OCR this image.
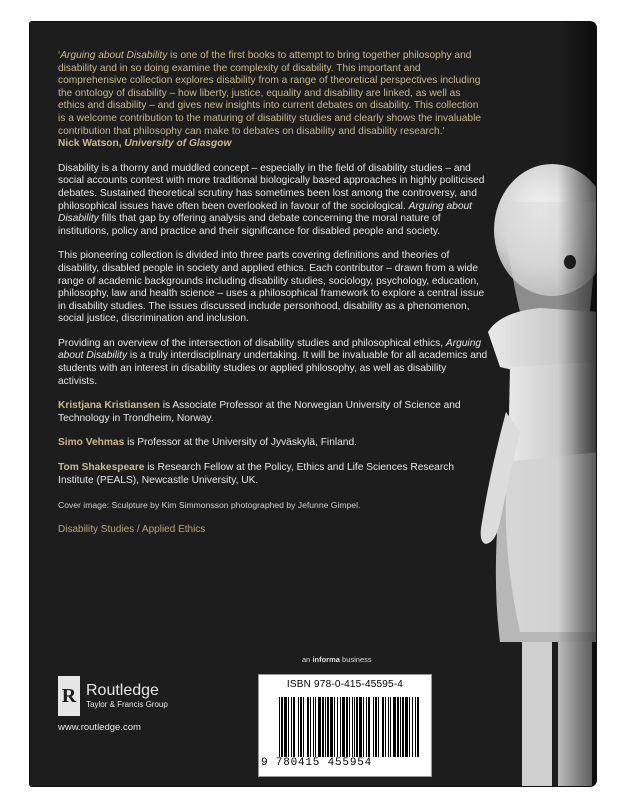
‘Arguing about Disability is one of the first books to attempt to bring together philosophy and disability and in so doing examine the complexity of disability. This important and comprehensive collection explores disability from a range of theoretical perspectives including the ontology of disability – how liberty, justice, equality and disability are linked, as well as ethics and disability – and gives new insights into current debates on disability. This collection is a welcome contribution to the maturing of disability studies and clearly shows the invaluable contribution that philosophy can make to debates on disability and disability research.'
Nick Watson, University of Glasgow

Disability is a thorny and muddled concept – especially in the field of disability studies – and social accounts contest with more traditional biologically based approaches in highly politicised debates. Sustained theoretical scrutiny has sometimes been lost among the controversy, and philosophical issues have often been overlooked in favour of the sociological. Arguing about Disability fills that gap by offering analysis and debate concerning the moral nature of institutions, policy and practice and their significance for disabled people and society.

This pioneering collection is divided into three parts covering definitions and theories of disability, disabled people in society and applied ethics. Each contributor – drawn from a wide range of academic backgrounds including disability studies, sociology, psychology, education, philosophy, law and health science – uses a philosophical framework to explore a central issue in disability studies. The issues discussed include personhood, disability as a phenomenon, social justice, discrimination and inclusion.

Providing an overview of the intersection of disability studies and philosophical ethics, Arguing about Disability is a truly interdisciplinary undertaking. It will be invaluable for all academics and students with an interest in disability studies or applied philosophy, as well as disability activists.

Kristjana Kristiansen is Associate Professor at the Norwegian University of Science and Technology in Trondheim, Norway.

Simo Vehmas is Professor at the University of Jyväskylä, Finland.

Tom Shakespeare is Research Fellow at the Policy, Ethics and Life Sciences Research Institute (PEALS), Newcastle University, UK.

Cover image: Sculpture by Kim Simmonsson photographed by Jefunne Gimpel.

Disability Studies / Applied Ethics

an informa business
R Routledge
Taylor & Francis Group
www.routledge.com
ISBN 978-0-415-45595-4
9 780415 455954
